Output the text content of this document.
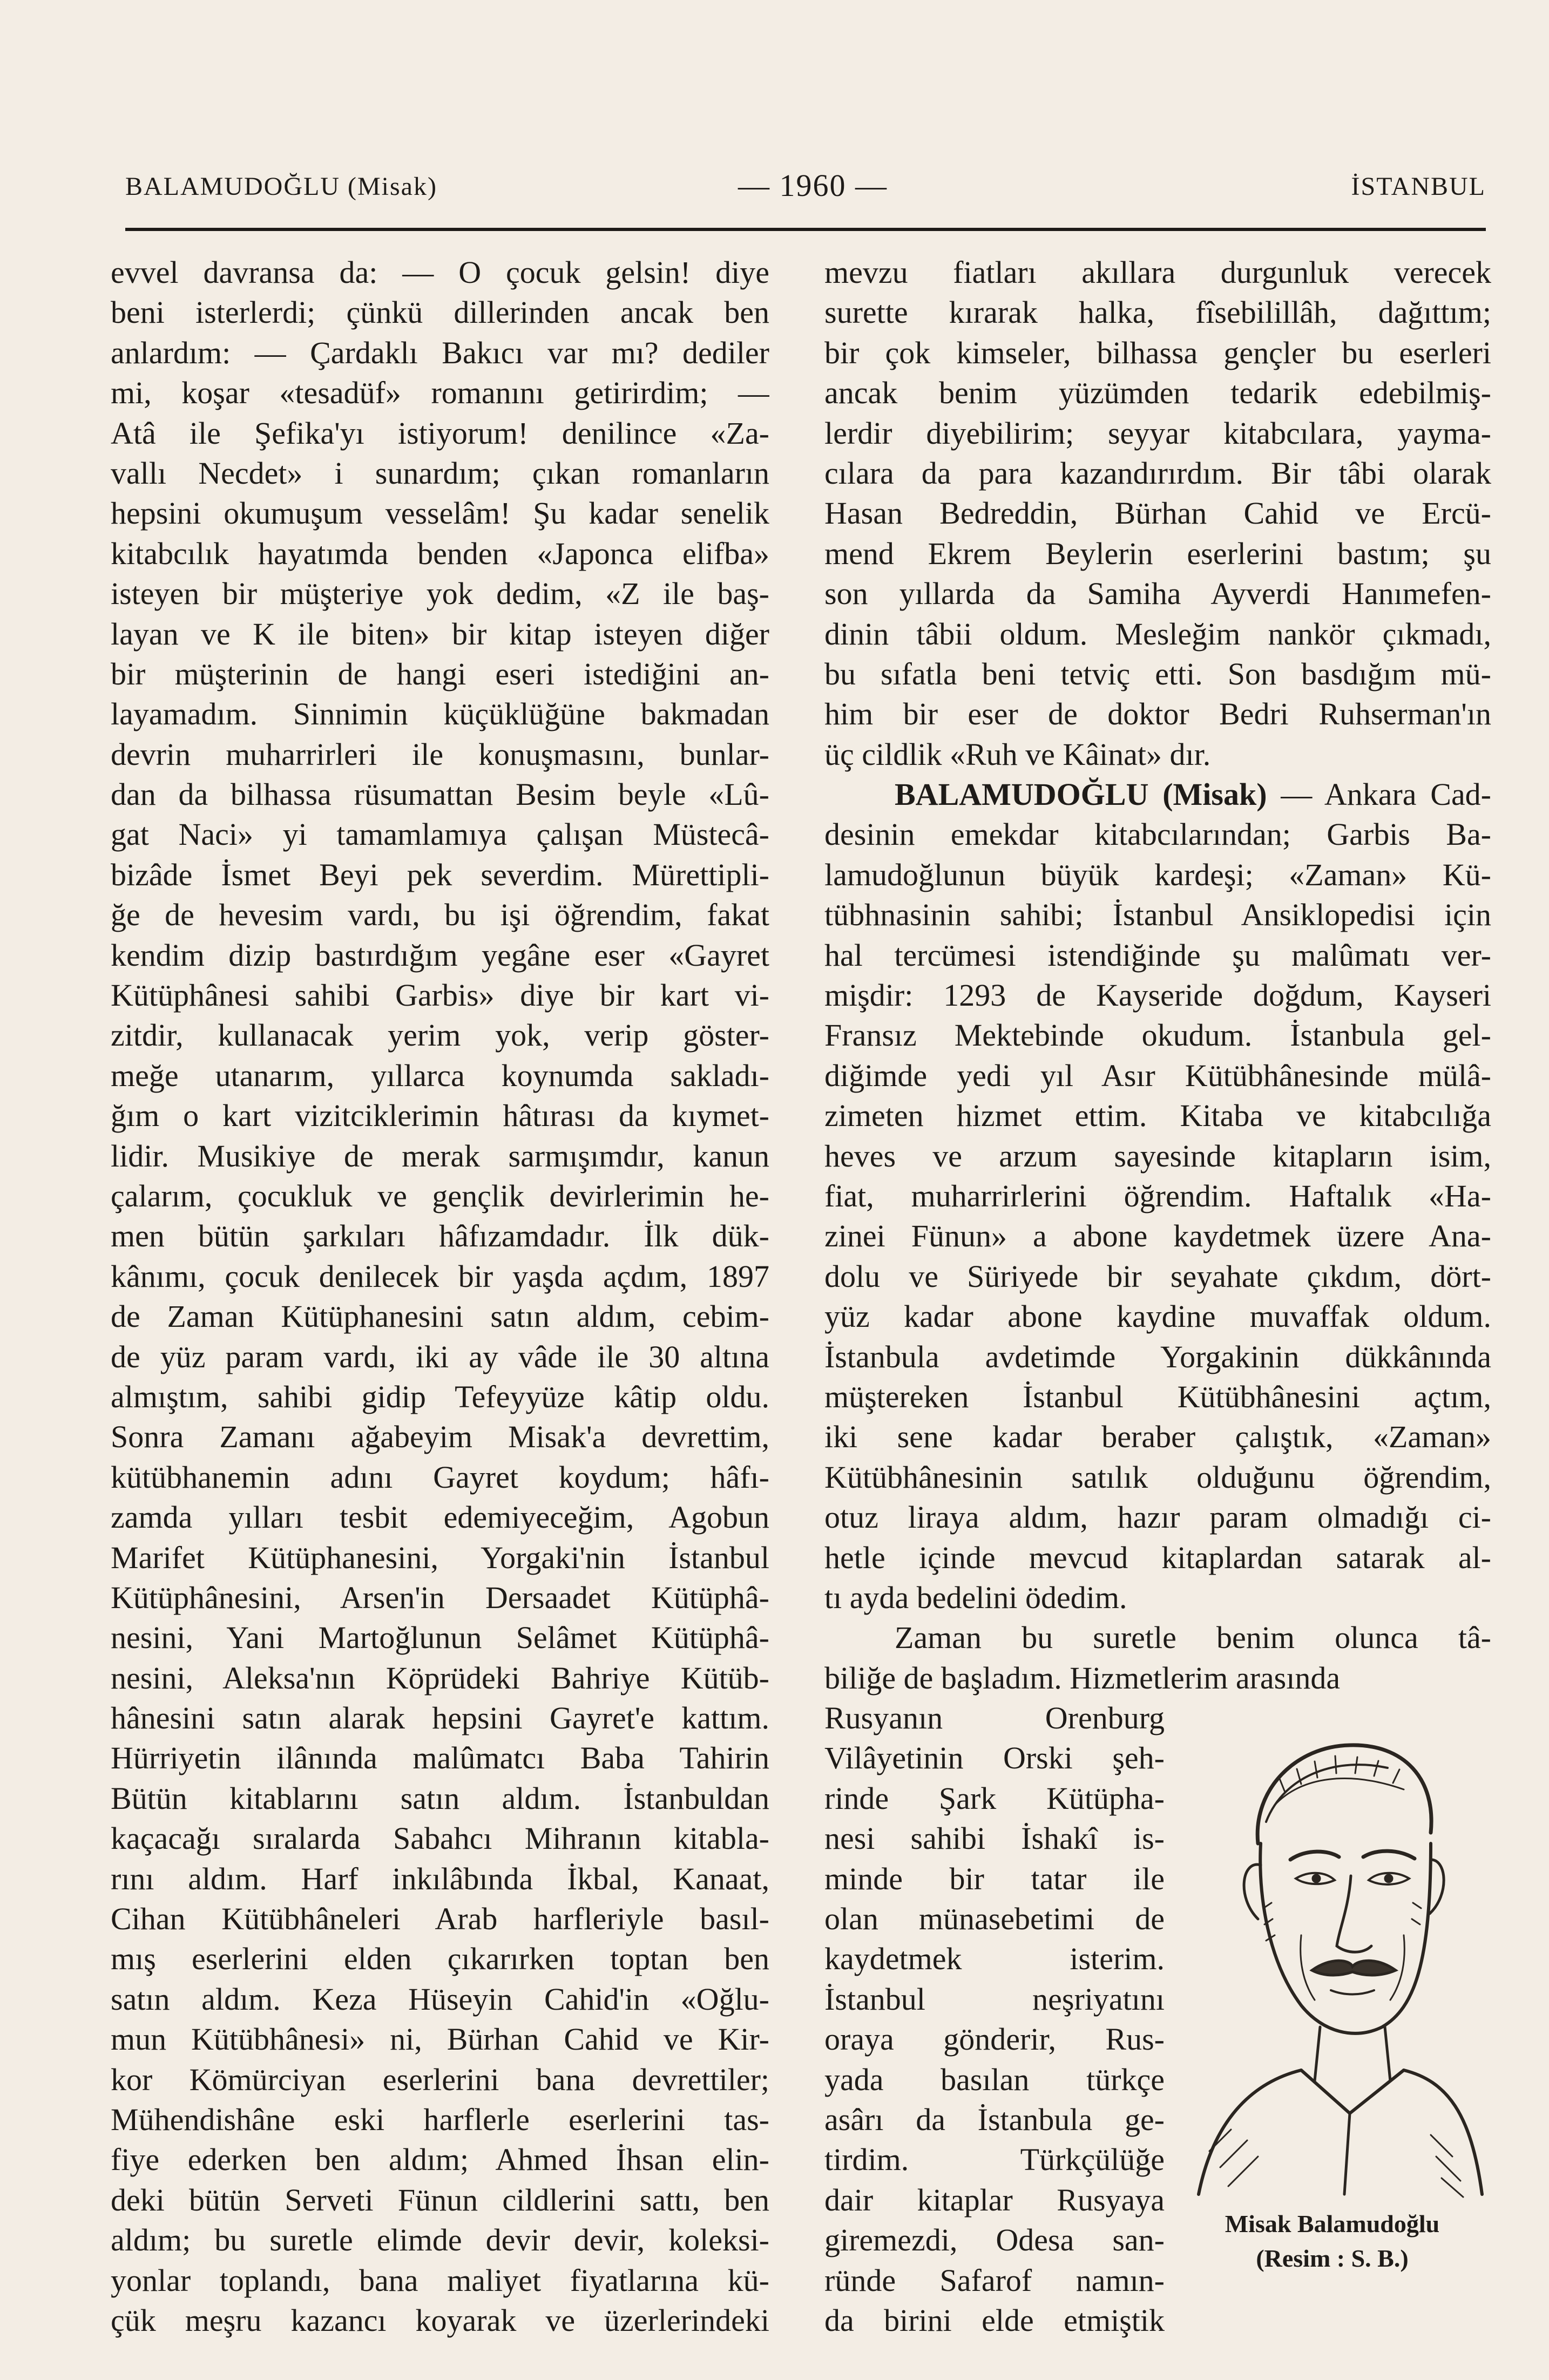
BALAMUDOĞLU (Misak)	— 1960 —	İSTANBUL
evvel davransa da: — O çocuk gelsin! diye
beni isterlerdi; çünkü dillerinden ancak ben
anlardım: — Çardaklı Bakıcı var mı? dediler
mi, koşar «tesadüf» romanını getirirdim; —
Atâ ile Şefika'yı istiyorum! denilince «Za-
vallı Necdet» i sunardım; çıkan romanların
hepsini okumuşum vesselâm! Şu kadar senelik
kitabcılık hayatımda benden «Japonca elifba»
isteyen bir müşteriye yok dedim, «Z ile baş-
layan ve K ile biten» bir kitap isteyen diğer
bir müşterinin de hangi eseri istediğini an-
layamadım. Sinnimin küçüklüğüne bakmadan
devrin muharrirleri ile konuşmasını, bunlar-
dan da bilhassa rüsumattan Besim beyle «Lû-
gat Naci» yi tamamlamıya çalışan Müstecâ-
bizâde İsmet Beyi pek severdim. Mürettipli-
ğe de hevesim vardı, bu işi öğrendim, fakat
kendim dizip bastırdığım yegâne eser «Gayret
Kütüphânesi sahibi Garbis» diye bir kart vi-
zitdir, kullanacak yerim yok, verip göster-
meğe utanarım, yıllarca koynumda sakladı-
ğım o kart vizitciklerimin hâtırası da kıymet-
lidir. Musikiye de merak sarmışımdır, kanun
çalarım, çocukluk ve gençlik devirlerimin he-
men bütün şarkıları hâfızamdadır. İlk dük-
kânımı, çocuk denilecek bir yaşda açdım, 1897
de Zaman Kütüphanesini satın aldım, cebim-
de yüz param vardı, iki ay vâde ile 30 altına
almıştım, sahibi gidip Tefeyyüze kâtip oldu.
Sonra Zamanı ağabeyim Misak'a devrettim,
kütübhanemin adını Gayret koydum; hâfı-
zamda yılları tesbit edemiyeceğim, Agobun
Marifet Kütüphanesini, Yorgaki'nin İstanbul
Kütüphânesini, Arsen'in Dersaadet Kütüphâ-
nesini, Yani Martoğlunun Selâmet Kütüphâ-
nesini, Aleksa'nın Köprüdeki Bahriye Kütüb-
hânesini satın alarak hepsini Gayret'e kattım.
Hürriyetin ilânında malûmatcı Baba Tahirin
Bütün kitablarını satın aldım. İstanbuldan
kaçacağı sıralarda Sabahcı Mihranın kitabla-
rını aldım. Harf inkılâbında İkbal, Kanaat,
Cihan Kütübhâneleri Arab harfleriyle basıl-
mış eserlerini elden çıkarırken toptan ben
satın aldım. Keza Hüseyin Cahid'in «Oğlu-
mun Kütübhânesi» ni, Bürhan Cahid ve Kir-
kor Kömürciyan eserlerini bana devrettiler;
Mühendishâne eski harflerle eserlerini tas-
fiye ederken ben aldım; Ahmed İhsan elin-
deki bütün Serveti Fünun cildlerini sattı, ben
aldım; bu suretle elimde devir devir, koleksi-
yonlar toplandı, bana maliyet fiyatlarına kü-
çük meşru kazancı koyarak ve üzerlerindeki
mevzu fiatları akıllara durgunluk verecek
surette kırarak halka, fîsebilillâh, dağıttım;
bir çok kimseler, bilhassa gençler bu eserleri
ancak benim yüzümden tedarik edebilmiş-
lerdir diyebilirim; seyyar kitabcılara, yayma-
cılara da para kazandırırdım. Bir tâbi olarak
Hasan Bedreddin, Bürhan Cahid ve Ercü-
mend Ekrem Beylerin eserlerini bastım; şu
son yıllarda da Samiha Ayverdi Hanımefen-
dinin tâbii oldum. Mesleğim nankör çıkmadı,
bu sıfatla beni tetviç etti. Son basdığım mü-
him bir eser de doktor Bedri Ruhserman'ın
üç cildlik «Ruh ve Kâinat» dır.
BALAMUDOĞLU (Misak) — Ankara Cad-
desinin emekdar kitabcılarından; Garbis Ba-
lamudoğlunun büyük kardeşi; «Zaman» Kü-
tübhnasinin sahibi; İstanbul Ansiklopedisi için
hal tercümesi istendiğinde şu malûmatı ver-
mişdir: 1293 de Kayseride doğdum, Kayseri
Fransız Mektebinde okudum. İstanbula gel-
diğimde yedi yıl Asır Kütübhânesinde mülâ-
zimeten hizmet ettim. Kitaba ve kitabcılığa
heves ve arzum sayesinde kitapların isim,
fiat, muharrirlerini öğrendim. Haftalık «Ha-
zinei Fünun» a abone kaydetmek üzere Ana-
dolu ve Süriyede bir seyahate çıkdım, dört-
yüz kadar abone kaydine muvaffak oldum.
İstanbula avdetimde Yorgakinin dükkânında
müştereken İstanbul Kütübhânesini açtım,
iki sene kadar beraber çalıştık, «Zaman»
Kütübhânesinin satılık olduğunu öğrendim,
otuz liraya aldım, hazır param olmadığı ci-
hetle içinde mevcud kitaplardan satarak al-
tı ayda bedelini ödedim.
Zaman bu suretle benim olunca tâ-
biliğe de başladım. Hizmetlerim arasında
Rusyanın Orenburg
Vilâyetinin Orski şeh-
rinde Şark Kütüpha-
nesi sahibi İshakî is-
minde bir tatar ile
olan münasebetimi de
kaydetmek isterim.
İstanbul neşriyatını
oraya gönderir, Rus-
yada basılan türkçe
asârı da İstanbula ge-
tirdim. Türkçülüğe
dair kitaplar Rusyaya
giremezdi, Odesa san-
ründe Safarof namın-
da birini elde etmiştik
Misak Balamudoğlu
(Resim : S. B.)
